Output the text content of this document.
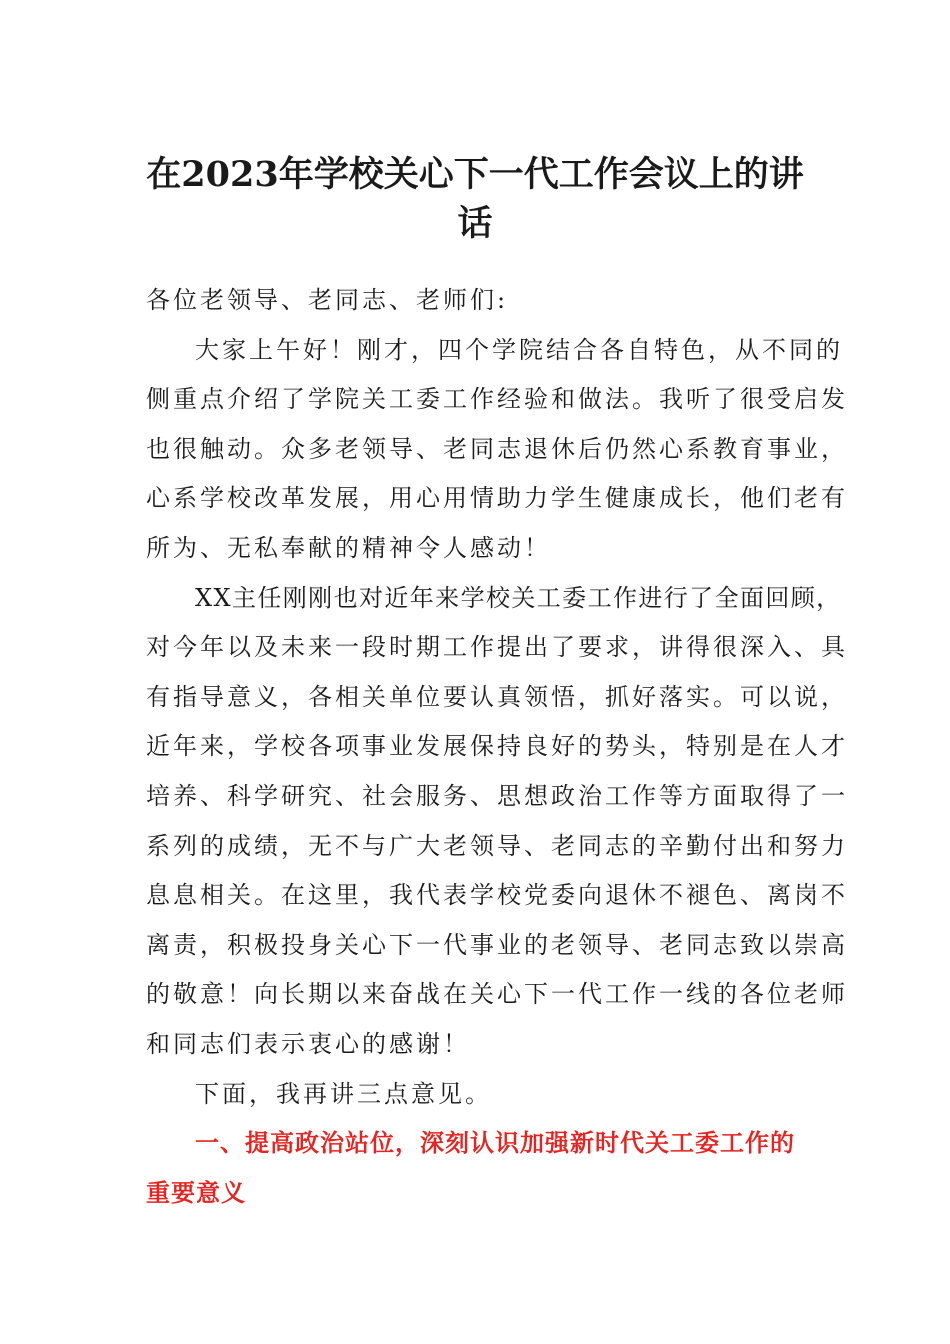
在2023年学校关心下一代工作会议上的讲
话
各位老领导、老同志、老师们:
大家上午好！刚才，四个学院结合各自特色，从不同的
侧重点介绍了学院关工委工作经验和做法。我听了很受启发
也很触动。众多老领导、老同志退休后仍然心系教育事业，
心系学校改革发展，用心用情助力学生健康成长，他们老有
所为、无私奉献的精神令人感动！
XX主任刚刚也对近年来学校关工委工作进行了全面回顾，
对今年以及未来一段时期工作提出了要求，讲得很深入、具
有指导意义，各相关单位要认真领悟，抓好落实。可以说，
近年来，学校各项事业发展保持良好的势头，特别是在人才
培养、科学研究、社会服务、思想政治工作等方面取得了一
系列的成绩，无不与广大老领导、老同志的辛勤付出和努力
息息相关。在这里，我代表学校党委向退休不褪色、离岗不
离责，积极投身关心下一代事业的老领导、老同志致以崇高
的敬意！向长期以来奋战在关心下一代工作一线的各位老师
和同志们表示衷心的感谢！
下面，我再讲三点意见。
一、提高政治站位，深刻认识加强新时代关工委工作的
重要意义
